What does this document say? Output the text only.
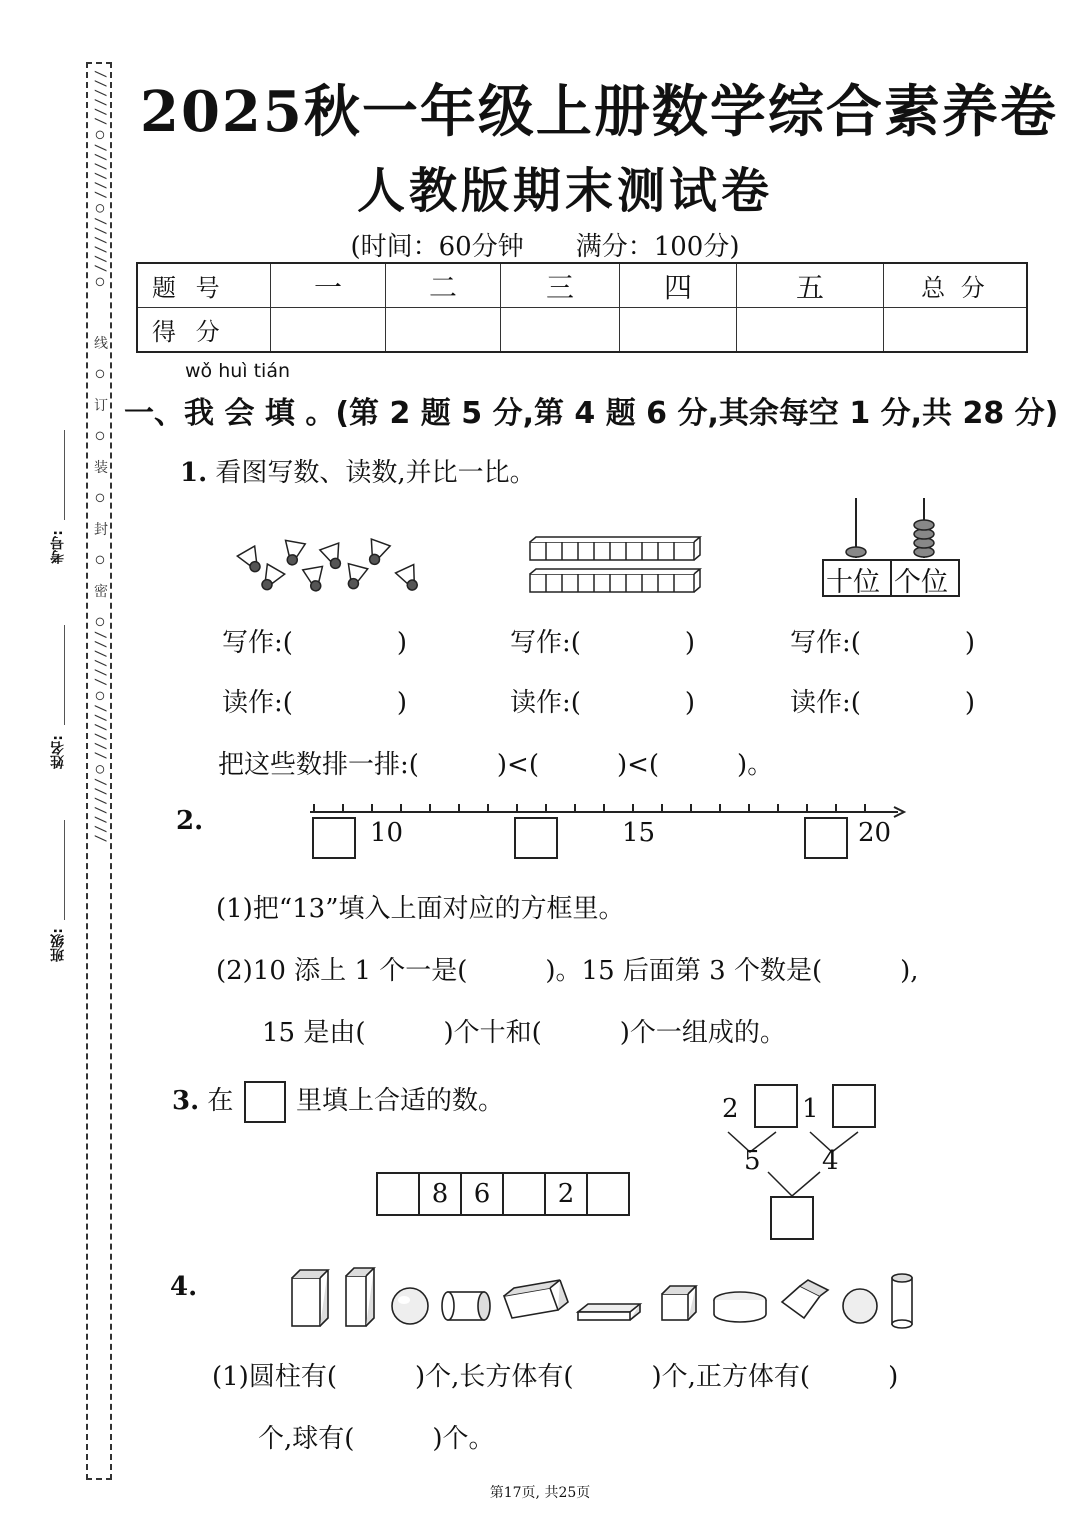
//////○//////○//////○　　　线　○　订　○　装　○　封　○　密　○//////○//////○///////
考号:
姓名:
班级:
2025秋一年级上册数学综合素养卷
人教版期末测试卷
(时间：60分钟　　满分：100分)
题 号	一	二	三	四	五	总 分
得 分						
wǒ huì tián
一、我 会 填 。(第 2 题 5 分,第 4 题 6 分,其余每空 1 分,共 28 分)
1. 看图写数、读数,并比一比。
十位 个位
写作:(　　　　)	写作:(　　　　)	写作:(　　　　)
读作:(　　　　)	读作:(　　　　)	读作:(　　　　)
把这些数排一排:(　　　)<(　　　)<(　　　)。
2.	10	15	20
(1)把“13”填入上面对应的方框里。
(2)10 添上 1 个一是(　　　)。15 后面第 3 个数是(　　　),
15 是由(　　　)个十和(　　　)个一组成的。
3. 在 里填上合适的数。
8 6	2
2 1
5 4
4.
(1)圆柱有(　　　)个,长方体有(　　　)个,正方体有(　　　)
个,球有(　　　)个。
第17页, 共25页
